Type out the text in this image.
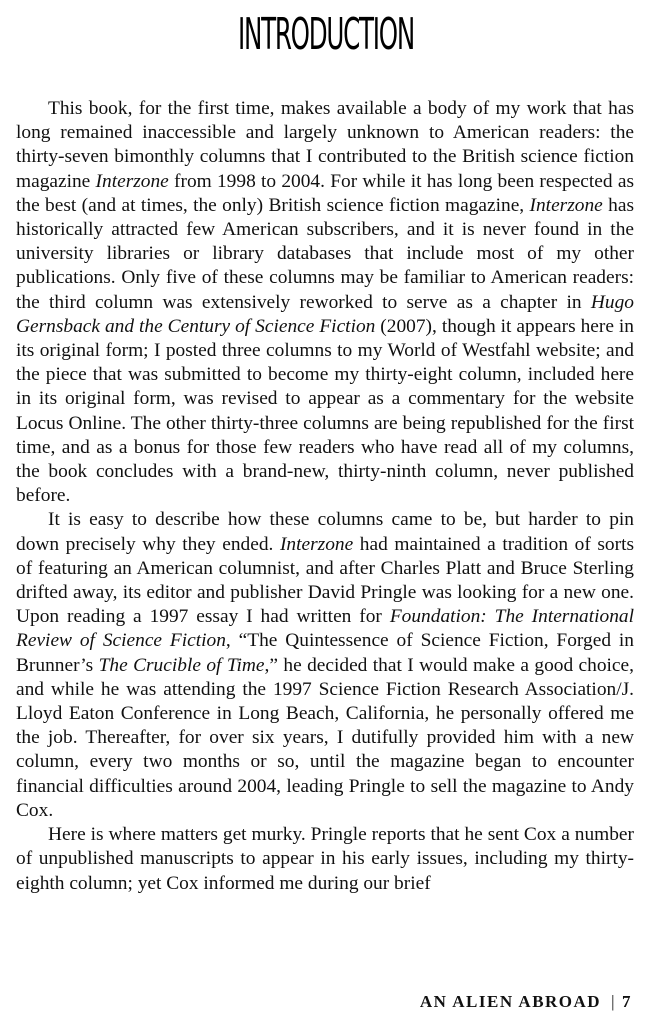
INTRODUCTION

This book, for the first time, makes available a body of my work that has long remained inaccessible and largely unknown to American readers: the thirty-seven bimonthly columns that I contributed to the British science fiction magazine Interzone from 1998 to 2004. For while it has long been respected as the best (and at times, the only) British science fiction magazine, Interzone has historically attracted few American subscribers, and it is never found in the university libraries or library databases that include most of my other publications. Only five of these columns may be familiar to American readers: the third column was extensively reworked to serve as a chapter in Hugo Gernsback and the Century of Science Fiction (2007), though it appears here in its original form; I posted three columns to my World of Westfahl website; and the piece that was submitted to become my thirty-eight column, included here in its original form, was revised to appear as a commentary for the website Locus Online. The other thirty-three columns are being republished for the first time, and as a bonus for those few readers who have read all of my columns, the book concludes with a brand-new, thirty-ninth column, never published before.

It is easy to describe how these columns came to be, but harder to pin down precisely why they ended. Interzone had maintained a tradition of sorts of featuring an American columnist, and after Charles Platt and Bruce Sterling drifted away, its editor and publisher David Pringle was looking for a new one. Upon reading a 1997 essay I had written for Foundation: The International Review of Science Fiction, “The Quintessence of Science Fiction, Forged in Brunner’s The Crucible of Time,” he decided that I would make a good choice, and while he was attending the 1997 Science Fiction Research Association/J. Lloyd Eaton Conference in Long Beach, California, he personally offered me the job. Thereafter, for over six years, I dutifully provided him with a new column, every two months or so, until the magazine began to encounter financial difficulties around 2004, leading Pringle to sell the magazine to Andy Cox.

Here is where matters get murky. Pringle reports that he sent Cox a number of unpublished manuscripts to appear in his early issues, including my thirty-eighth column; yet Cox informed me during our brief

AN ALIEN ABROAD | 7
